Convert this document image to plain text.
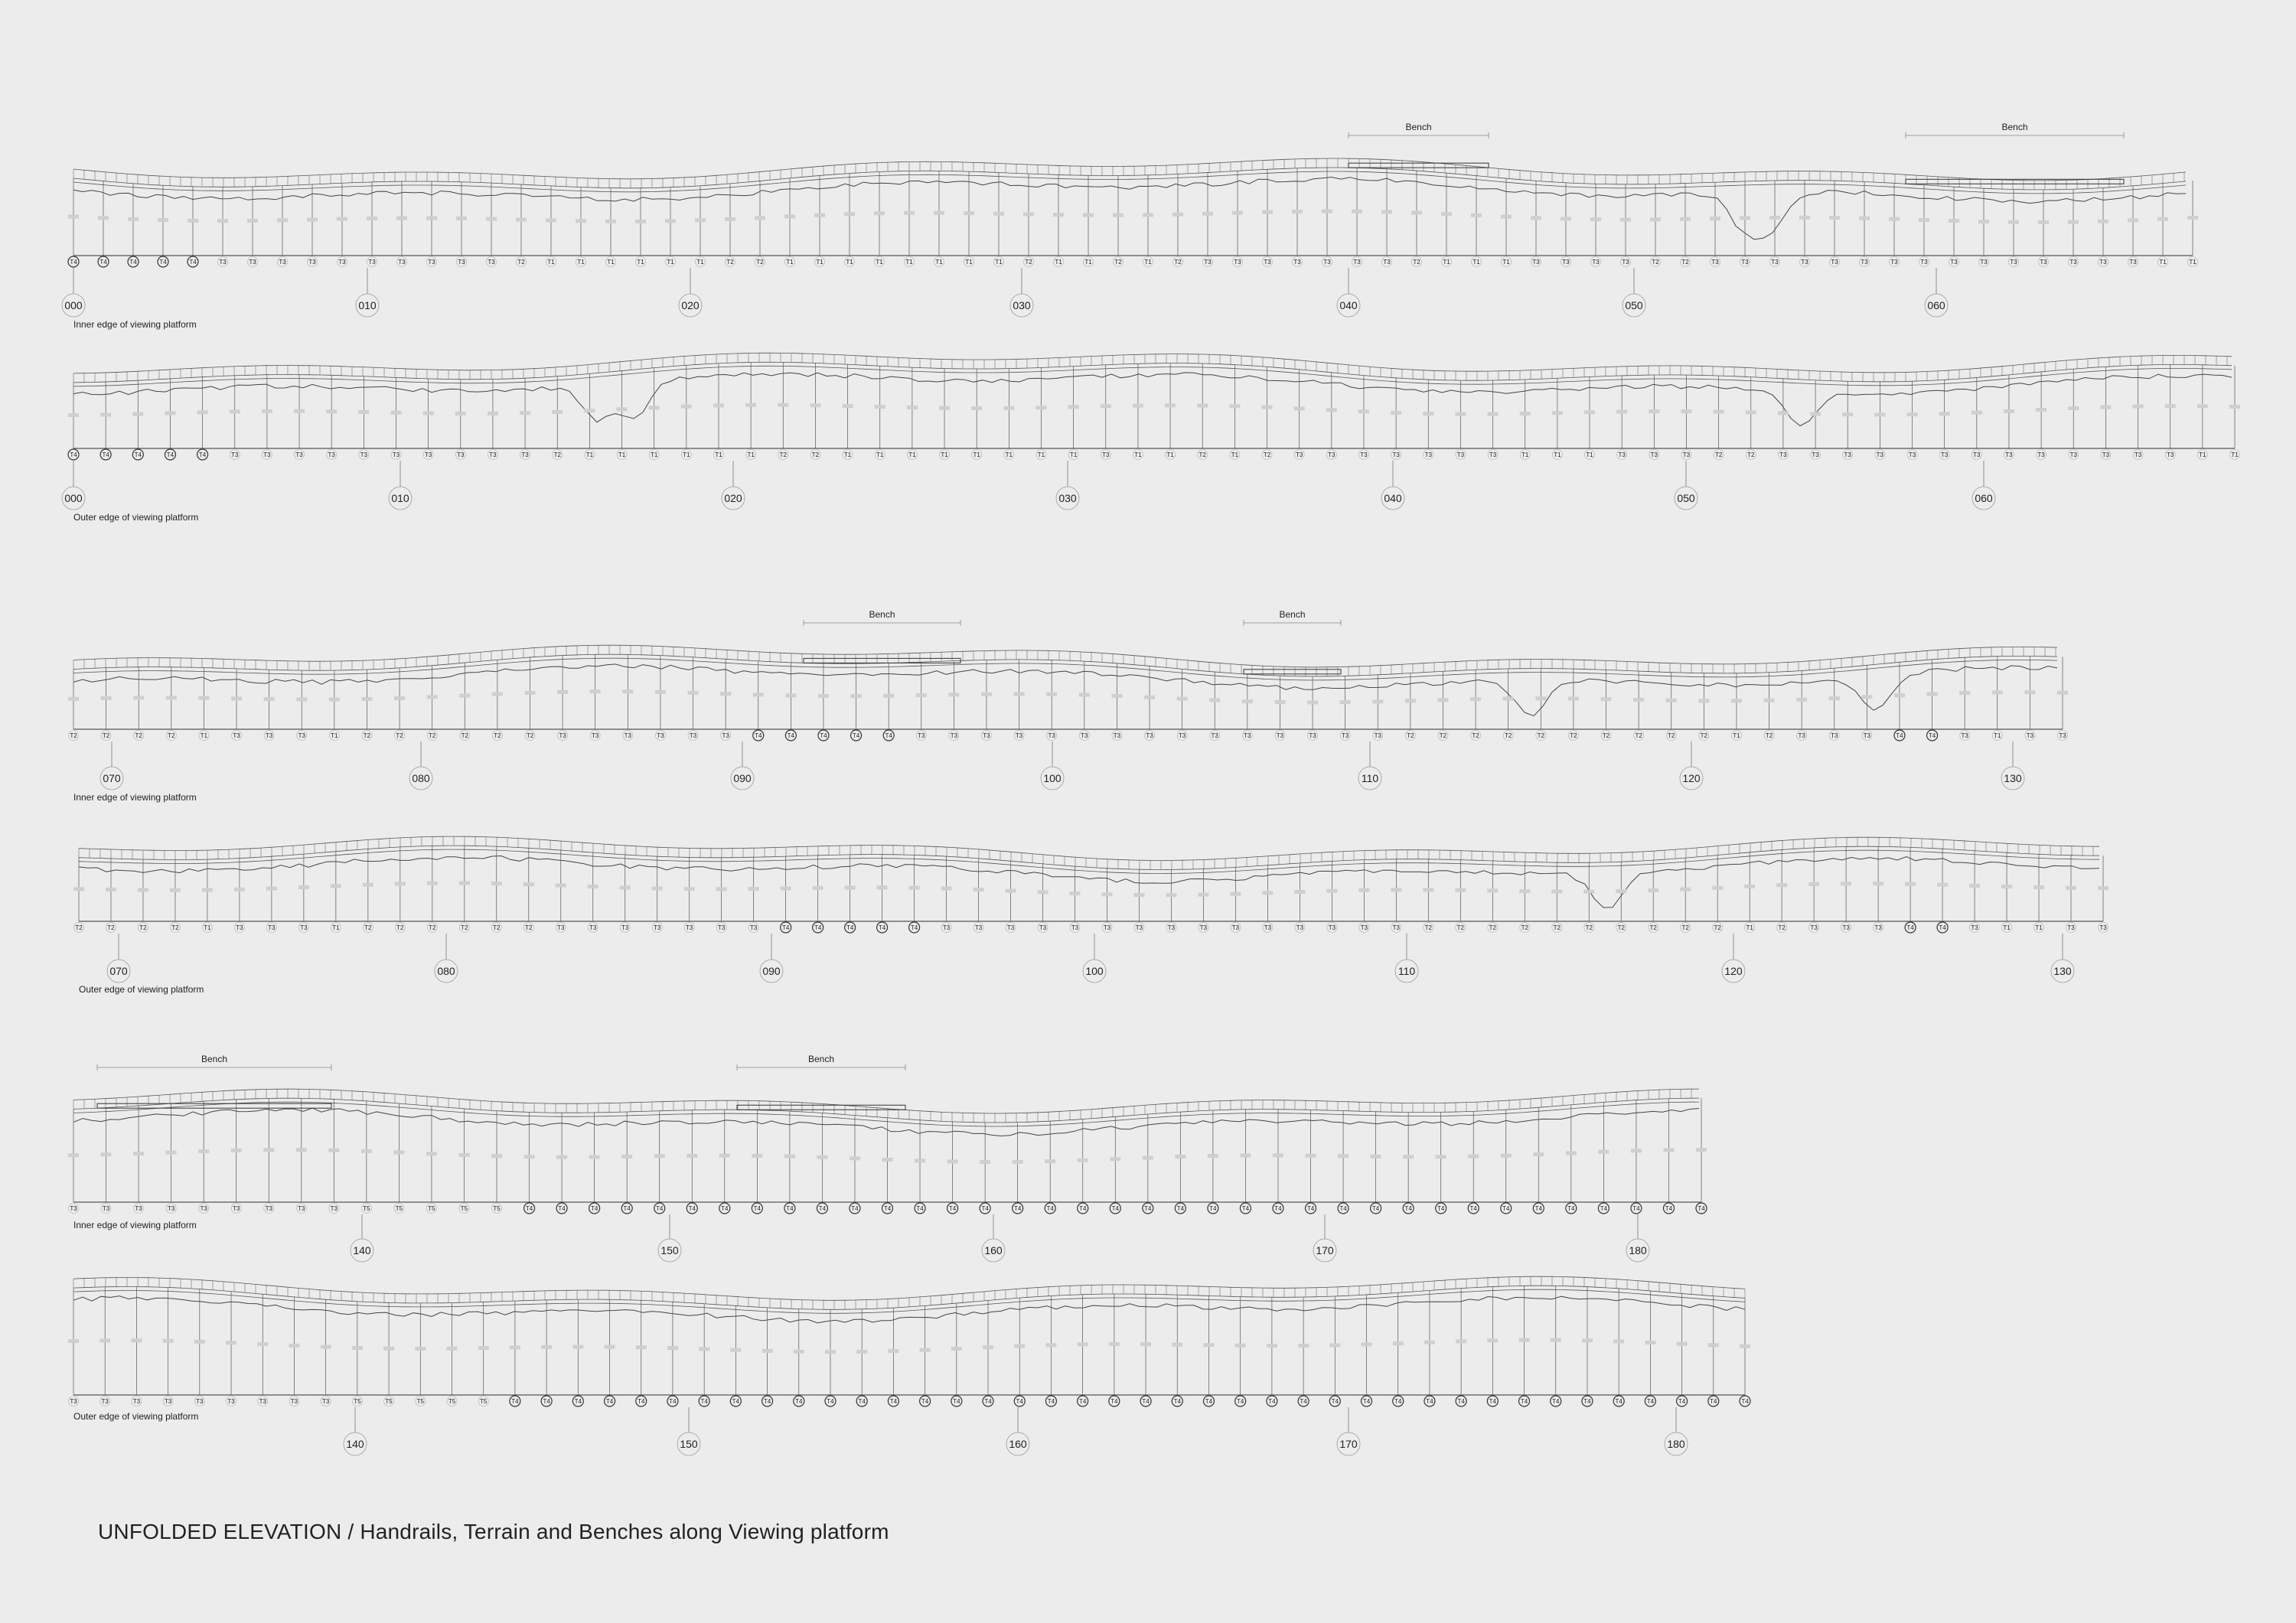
T4	T4	T4	T4	T4	T3	T3	T3	T3	T3	T3	T3	T3	T3	T3	T2	T1	T1	T1	T1	T1	T1	T2	T2	T1	T1	T1	T1	T1	T1	T1	T1	T2	T1	T1	T2	T1	T2	T3	T3	T3	T3	T3	T3	T3	T2	T1	T1	T1	T3	T3	T3	T3	T2	T2	T3	T3	T3	T3	T3	T3	T3	T3	T3	T3	T3	T3	T3	T3	T3	T1	T1
Bench	Bench
000	010	020	030	040	050	060
Inner edge of viewing platform
T4	T4	T4	T4	T4	T3	T3	T3	T3	T3	T3	T3	T3	T3	T3	T2	T1	T1	T1	T1	T1	T1	T2	T2	T1	T1	T1	T1	T1	T1	T1	T1	T3	T1	T1	T2	T1	T2	T3	T3	T3	T3	T3	T3	T3	T1	T1	T1	T3	T3	T3	T2	T2	T3	T3	T3	T3	T3	T3	T3	T3	T3	T3	T3	T3	T3	T1	T1
000	010	020	030	040	050	060
Outer edge of viewing platform
T2	T2	T2	T2	T1	T3	T3	T3	T1	T2	T2	T2	T2	T2	T2	T3	T3	T3	T3	T3	T3	T4	T4	T4	T4	T4	T3	T3	T3	T3	T3	T3	T3	T3	T3	T3	T3	T3	T3	T3	T3	T2	T2	T2	T2	T2	T2	T2	T2	T2	T2	T1	T2	T3	T3	T3	T4	T4	T3	T1	T3	T3
Bench	Bench
070	080	090	100	110	120	130
Inner edge of viewing platform
T2	T2	T2	T2	T1	T3	T3	T3	T1	T2	T2	T2	T2	T2	T2	T3	T3	T3	T3	T3	T3	T3	T4	T4	T4	T4	T4	T3	T3	T3	T3	T3	T3	T3	T3	T3	T3	T3	T3	T3	T3	T3	T2	T2	T2	T2	T2	T2	T2	T2	T2	T2	T1	T2	T3	T3	T3	T4	T4	T3	T1	T1	T3	T3
070	080	090	100	110	120	130
Outer edge of viewing platform
T3	T3	T3	T3	T3	T3	T3	T3	T3	T5	T5	T5	T5	T5	T4	T4	T4	T4	T4	T4	T4	T4	T4	T4	T4	T4	T4	T4	T4	T4	T4	T4	T4	T4	T4	T4	T4	T4	T4	T4	T4	T4	T4	T4	T4	T4	T4	T4	T4	T4	T4
Bench	Bench
140	150	160	170	180
Inner edge of viewing platform
T3	T3	T3	T3	T3	T3	T3	T3	T3	T5	T5	T5	T5	T5	T4	T4	T4	T4	T4	T4	T4	T4	T4	T4	T4	T4	T4	T4	T4	T4	T4	T4	T4	T4	T4	T4	T4	T4	T4	T4	T4	T4	T4	T4	T4	T4	T4	T4	T4	T4	T4	T4	T4	T4
140	150	160	170	180
Outer edge of viewing platform
UNFOLDED ELEVATION / Handrails, Terrain and Benches along Viewing platform
